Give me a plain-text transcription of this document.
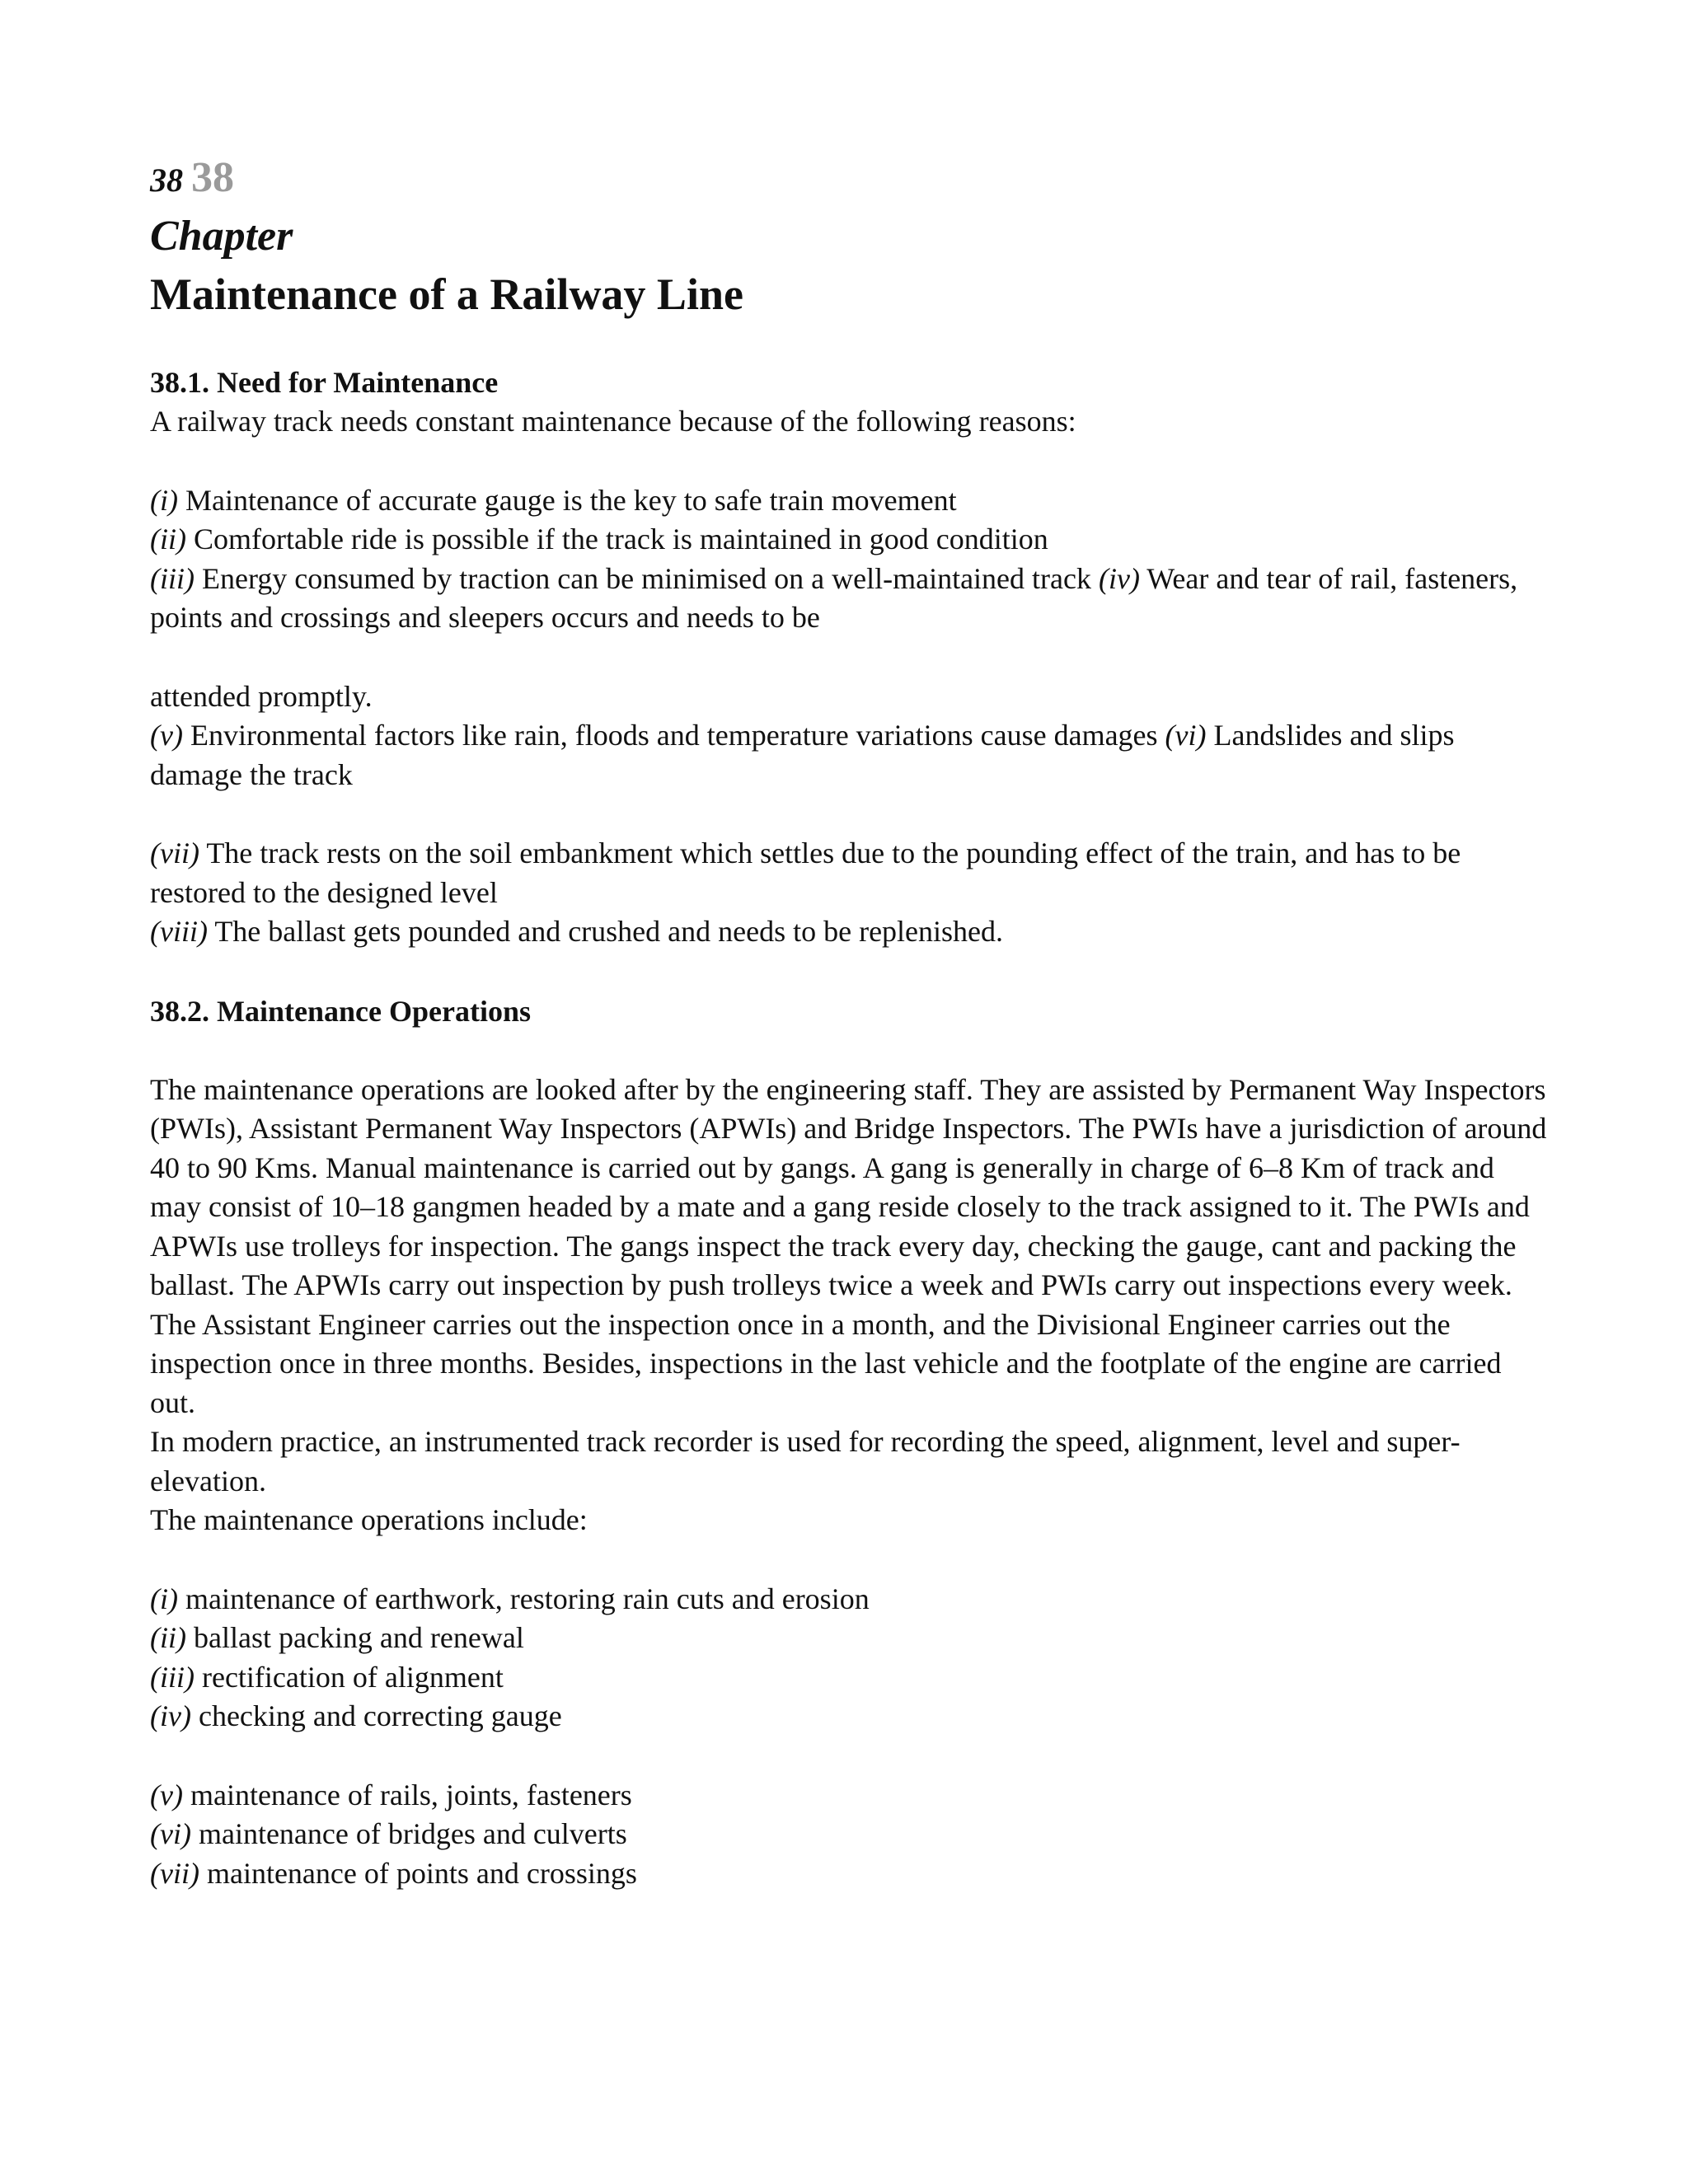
38 38
Chapter
Maintenance of a Railway Line
38.1. Need for Maintenance
A railway track needs constant maintenance because of the following reasons:
(i) Maintenance of accurate gauge is the key to safe train movement
(ii) Comfortable ride is possible if the track is maintained in good condition
(iii) Energy consumed by traction can be minimised on a well-maintained track (iv) Wear and tear of rail, fasteners, points and crossings and sleepers occurs and needs to be
attended promptly.
(v) Environmental factors like rain, floods and temperature variations cause damages (vi) Landslides and slips damage the track
(vii) The track rests on the soil embankment which settles due to the pounding effect of the train, and has to be restored to the designed level
(viii) The ballast gets pounded and crushed and needs to be replenished.
38.2. Maintenance Operations
The maintenance operations are looked after by the engineering staff. They are assisted by Permanent Way Inspectors (PWIs), Assistant Permanent Way Inspectors (APWIs) and Bridge Inspectors. The PWIs have a jurisdiction of around 40 to 90 Kms. Manual maintenance is carried out by gangs. A gang is generally in charge of 6–8 Km of track and may consist of 10–18 gangmen headed by a mate and a gang reside closely to the track assigned to it. The PWIs and APWIs use trolleys for inspection. The gangs inspect the track every day, checking the gauge, cant and packing the ballast. The APWIs carry out inspection by push trolleys twice a week and PWIs carry out inspections every week. The Assistant Engineer carries out the inspection once in a month, and the Divisional Engineer carries out the inspection once in three months. Besides, inspections in the last vehicle and the footplate of the engine are carried out.
In modern practice, an instrumented track recorder is used for recording the speed, alignment, level and super-elevation.
The maintenance operations include:
(i) maintenance of earthwork, restoring rain cuts and erosion
(ii) ballast packing and renewal
(iii) rectification of alignment
(iv) checking and correcting gauge
(v) maintenance of rails, joints, fasteners
(vi) maintenance of bridges and culverts
(vii) maintenance of points and crossings
